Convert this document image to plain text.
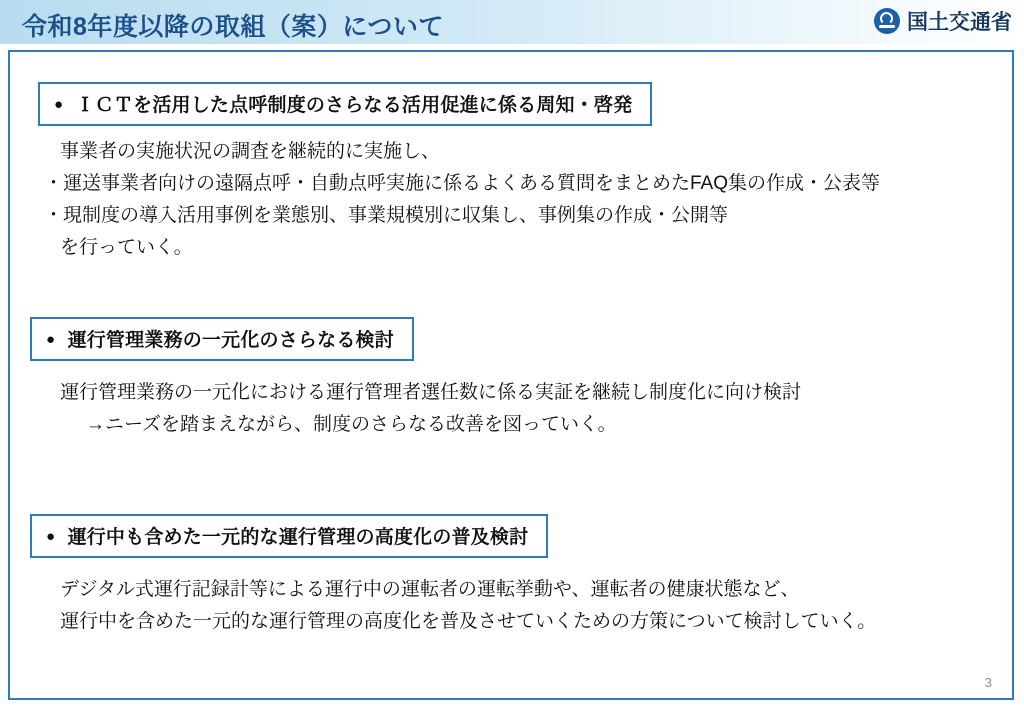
令和8年度以降の取組（案）について	国土交通省
● ＩＣＴを活用した点呼制度のさらなる活用促進に係る周知・啓発
事業者の実施状況の調査を継続的に実施し、
・運送事業者向けの遠隔点呼・自動点呼実施に係るよくある質問をまとめたFAQ集の作成・公表等
・現制度の導入活用事例を業態別、事業規模別に収集し、事例集の作成・公開等
を行っていく。
● 運行管理業務の一元化のさらなる検討
運行管理業務の一元化における運行管理者選任数に係る実証を継続し制度化に向け検討
→ニーズを踏まえながら、制度のさらなる改善を図っていく。
● 運行中も含めた一元的な運行管理の高度化の普及検討
デジタル式運行記録計等による運行中の運転者の運転挙動や、運転者の健康状態など、
運行中を含めた一元的な運行管理の高度化を普及させていくための方策について検討していく。
3
